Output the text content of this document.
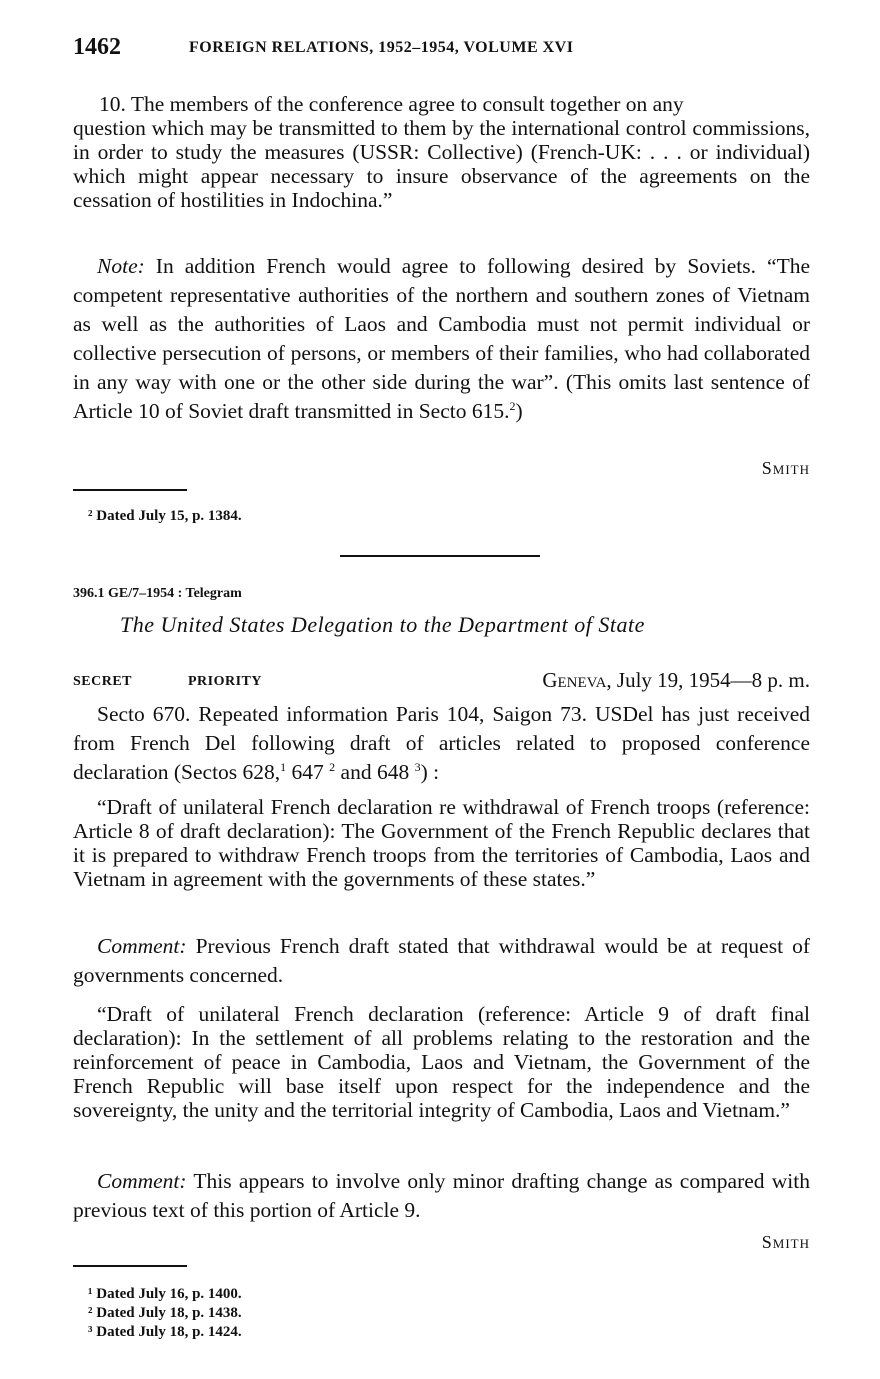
1462	FOREIGN RELATIONS, 1952–1954, VOLUME XVI
10. The members of the conference agree to consult together on any
question which may be transmitted to them by the international control commissions, in order to study the measures (USSR: Collective) (French-UK: . . . or individual) which might appear necessary to insure observance of the agreements on the cessation of hostilities in Indochina.”
Note: In addition French would agree to following desired by Soviets. “The competent representative authorities of the northern and southern zones of Vietnam as well as the authorities of Laos and Cambodia must not permit individual or collective persecution of persons, or members of their families, who had collaborated in any way with one or the other side during the war”. (This omits last sentence of Article 10 of Soviet draft transmitted in Secto 615.$^2$)
Smith
² Dated July 15, p. 1384.
396.1 GE/7–1954 : Telegram
The United States Delegation to the Department of State
SECRET	PRIORITY	Geneva, July 19, 1954—8 p. m.
Secto 670. Repeated information Paris 104, Saigon 73. USDel has just received from French Del following draft of articles related to proposed conference declaration (Sectos 628,$^1$ 647 $^2$ and 648 $^3$) :
“Draft of unilateral French declaration re withdrawal of French troops (reference: Article 8 of draft declaration): The Government of the French Republic declares that it is prepared to withdraw French troops from the territories of Cambodia, Laos and Vietnam in agreement with the governments of these states.”
Comment: Previous French draft stated that withdrawal would be at request of governments concerned.
“Draft of unilateral French declaration (reference: Article 9 of draft final declaration): In the settlement of all problems relating to the restoration and the reinforcement of peace in Cambodia, Laos and Vietnam, the Government of the French Republic will base itself upon respect for the independence and the sovereignty, the unity and the territorial integrity of Cambodia, Laos and Vietnam.”
Comment: This appears to involve only minor drafting change as compared with previous text of this portion of Article 9.
Smith
¹ Dated July 16, p. 1400.
² Dated July 18, p. 1438.
³ Dated July 18, p. 1424.
